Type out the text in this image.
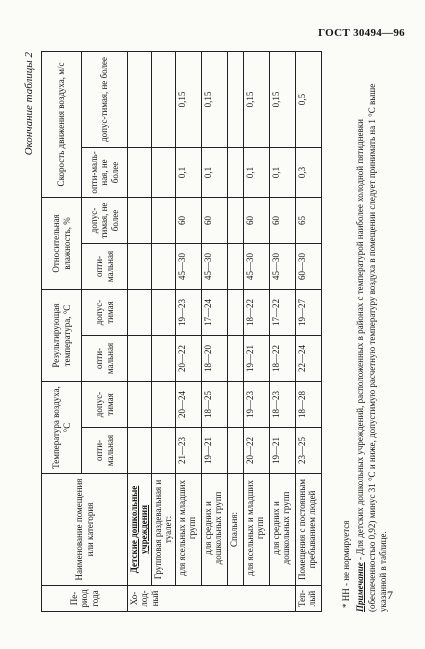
ГОСТ 30494—96
Окончание таблицы 2
Пе-риод года	Наименование помещения или категория	Температура воздуха, °С		Результирующая температура, °С		Относительная влажность, %		Скорость движения воздуха, м/с	
		опти-мальная	допус-тимая	опти-мальная	допус-тимая	опти-мальная	допус-тимая, не более	опти-маль-ная, не более	допус-тимая, не более
Хо-лод-ный	Детские дошкольные учреждения								
	Групповая раздевальная и туалет:								
	для ясельных и младших групп	21—23	20—24	20—22	19—23	45—30	60	0,1	0,15
	для средних и дошкольных групп	19—21	18—25	18—20	17—24	45—30	60	0,1	0,15
	Спальня:								
	для ясельных и младших групп	20—22	19—23	19—21	18—22	45—30	60	0,1	0,15
	для средних и дошкольных групп	19—21	18—23	18—22	17—22	45—30	60	0,1	0,15
Теп-лый	Помещения с постоянным пребыванием людей	23—25	18—28	22—24	19—27	60—30	65	0,3	0,5
* НН - не нормируется Примечание - Для детских дошкольных учреждений, расположенных в районах с температурой наиболее холодной пятидневки (обеспеченностью 0,92) минус 31 °С и ниже, допустимую расчетную температуру воздуха в помещении следует принимать на 1 °С выше указанной в таблице.
7
